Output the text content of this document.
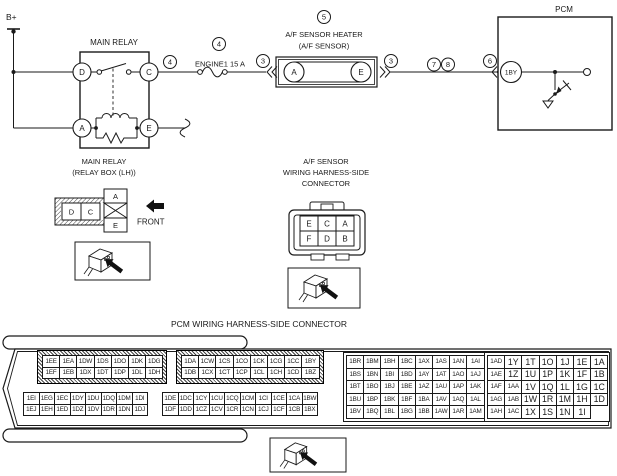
B+
MAIN RELAY
D	C
A	E
4
4	ENGINE1 15 A 3
5
A/F SENSOR HEATER
(A/F SENSOR)
A	E
3	7 8	6
PCM
1BY
MAIN RELAY
(RELAY BOX (LH))
D C
A
E FRONT
A/F SENSOR
WIRING HARNESS-SIDE
CONNECTOR
E C A
F D B
PCM WIRING HARNESS-SIDE CONNECTOR
1EE 1EA 1DW 1DS 1DO 1DK 1DG
1EF 1EB 1DX 1DT 1DP 1DL 1DH
1DA 1CW 1CS 1CO 1CK 1CG 1CC 1BY
1DB 1CX 1CT 1CP 1CL 1CH 1CD 1BZ
1EI 1EG 1EC 1DY 1DU 1DQ 1DM 1DI
1EJ 1EH 1ED 1DZ 1DV 1DR 1DN 1DJ
1DE 1DC 1CY 1CU 1CQ 1CM 1CI 1CE 1CA 1BW
1DF 1DD 1CZ 1CV 1CR 1CN 1CJ 1CF 1CB 1BX
1BR 1BM 1BH 1BC 1AX 1AS 1AN	1AI
1BS 1BN	1BI	1BD 1AY	1AT 1AO 1AJ
1BT 1BO 1BJ	1BE 1AZ 1AU 1AP 1AK
1BU 1BP 1BK 1BF 1BA 1AV 1AQ 1AL
1BV 1BQ 1BL 1BG 1BB 1AW 1AR 1AM
1AD 1Y 1T 1O 1J 1E 1A
1AE 1Z 1U 1P 1K 1F 1B
1AF 1AA 1V 1Q 1L 1G 1C
1AG 1AB 1W 1R 1M 1H 1D
1AH 1AC 1X 1S 1N 1I
